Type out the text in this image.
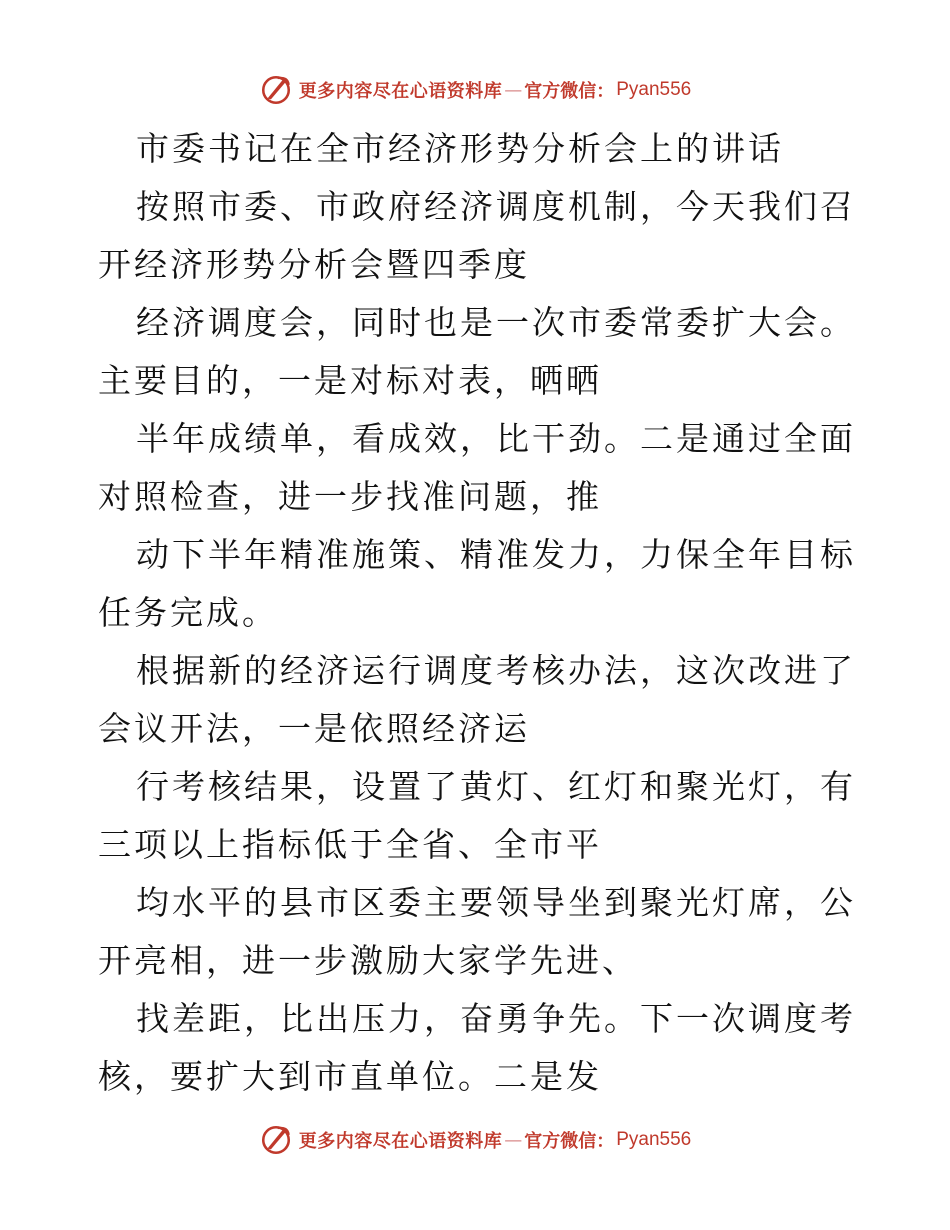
更多内容尽在心语资料库 — 官方微信： Pyan556

市委书记在全市经济形势分析会上的讲话

按照市委、市政府经济调度机制，今天我们召开经济形势分析会暨四季度

经济调度会，同时也是一次市委常委扩大会。主要目的，一是对标对表，晒晒

半年成绩单，看成效，比干劲。二是通过全面对照检查，进一步找准问题，推

动下半年精准施策、精准发力，力保全年目标任务完成。

根据新的经济运行调度考核办法，这次改进了会议开法，一是依照经济运

行考核结果，设置了黄灯、红灯和聚光灯，有三项以上指标低于全省、全市平

均水平的县市区委主要领导坐到聚光灯席，公开亮相，进一步激励大家学先进、

找差距，比出压力，奋勇争先。下一次调度考核，要扩大到市直单位。二是发

更多内容尽在心语资料库 — 官方微信： Pyan556
